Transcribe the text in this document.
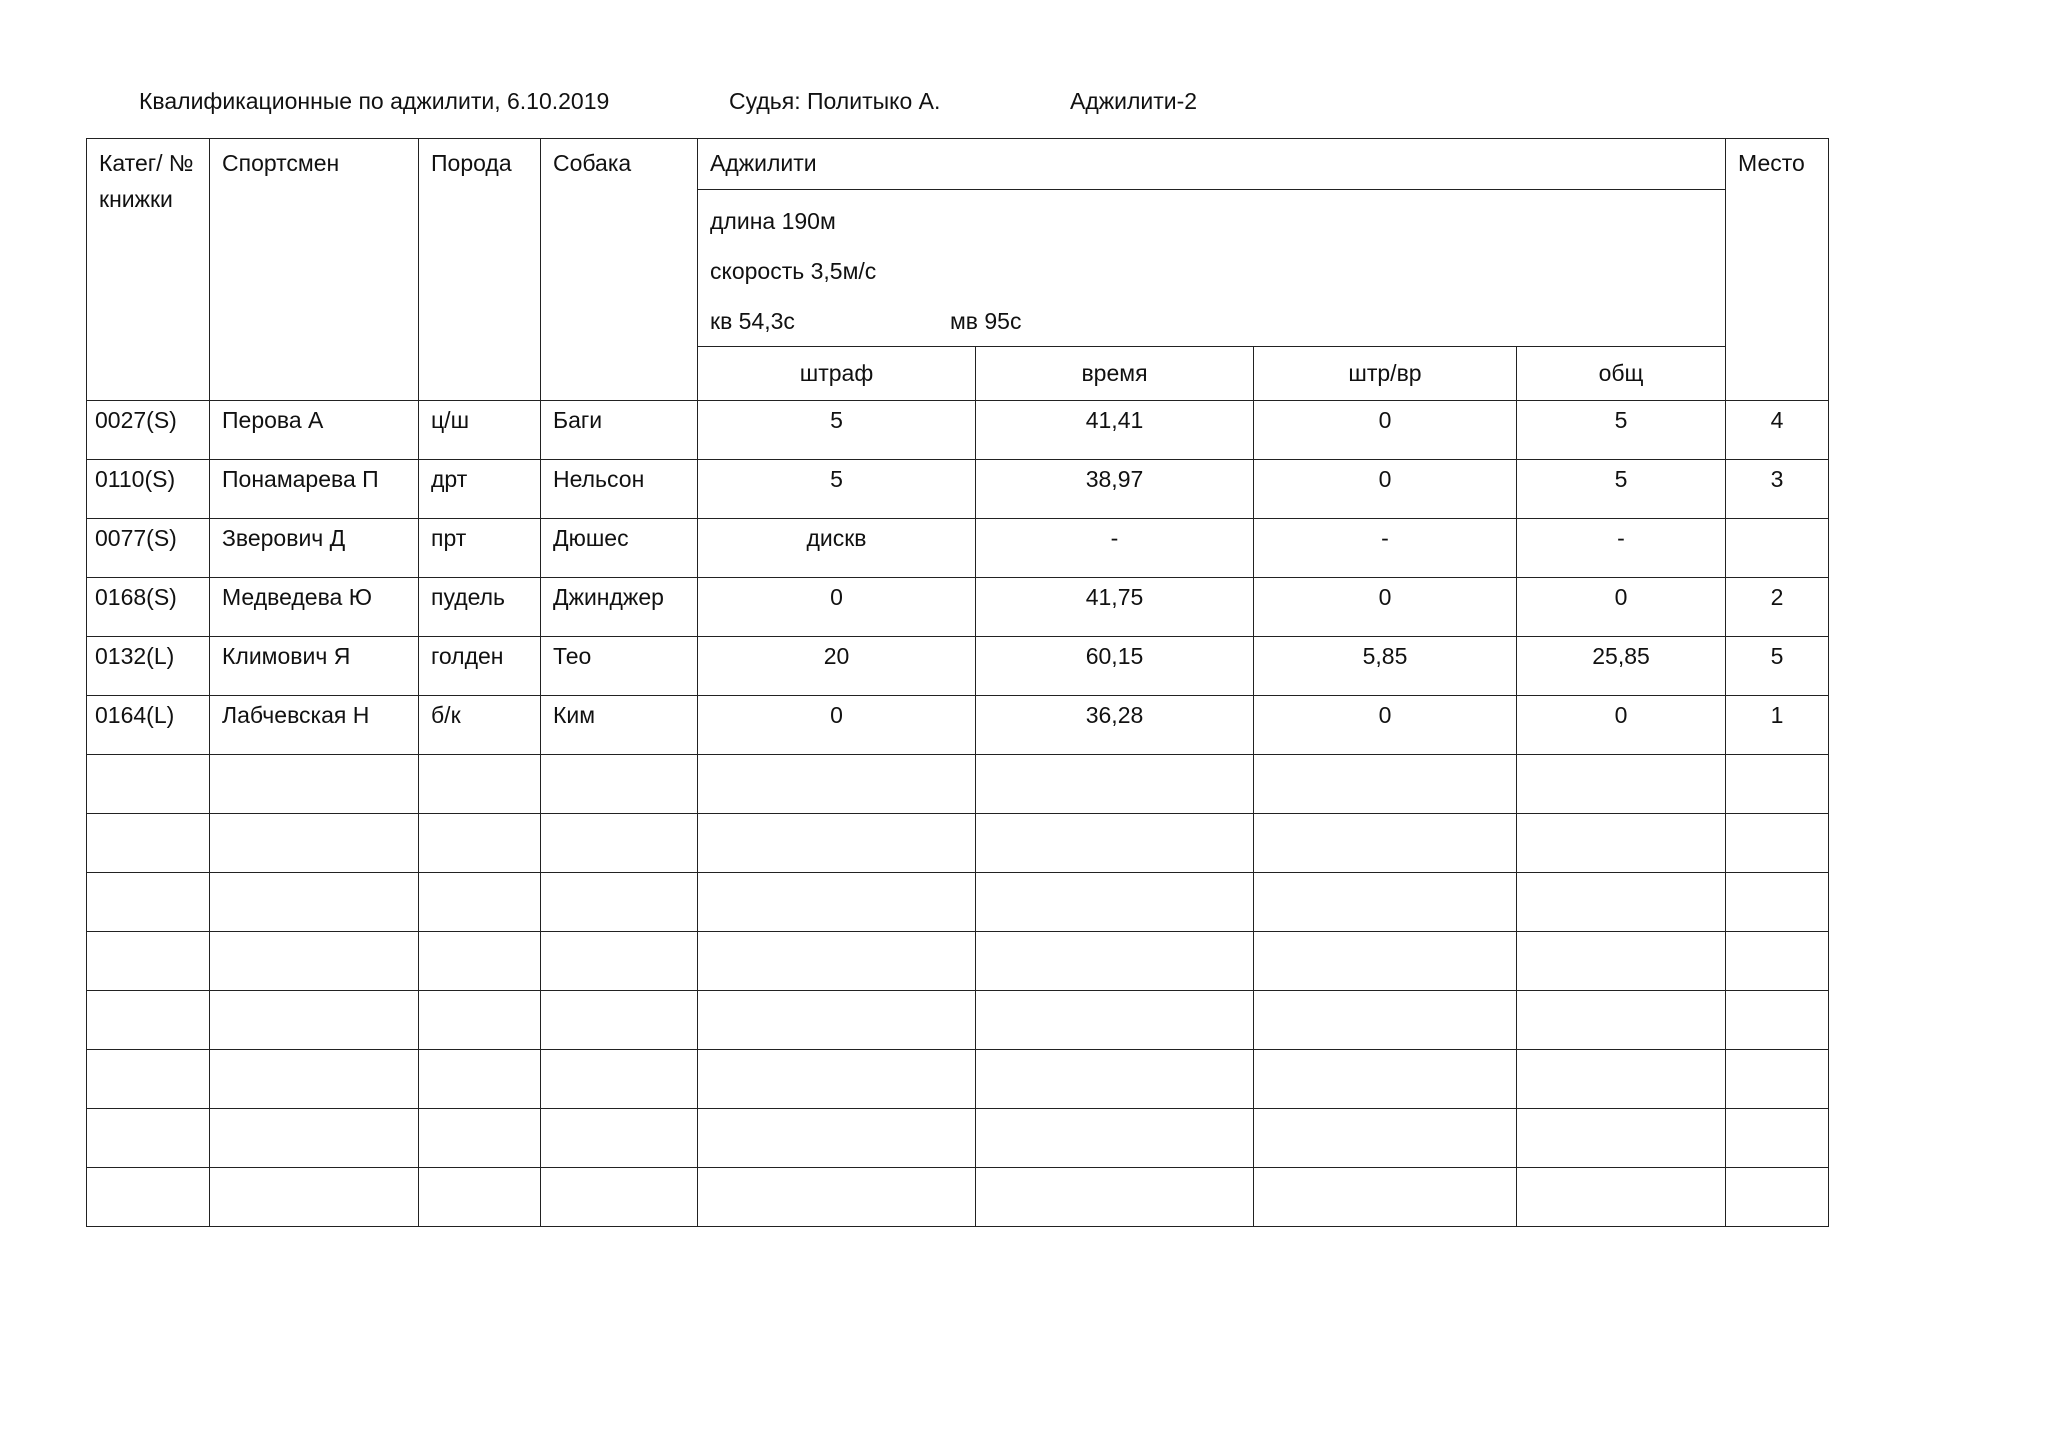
Квалификационные по аджилити, 6.10.2019	Судья: Политыко А.	Аджилити-2
Катег/ № книжки	Спортсмен	Порода	Собака	Аджилити				Место

				длина 190м
скорость 3,5м/с
кв 54,3с мв 95с				

				штраф	время	штр/вр	общ	
0027(S)	Перова А	ц/ш	Баги	5	41,41	0	5	4
0110(S)	Понамарева П	дрт	Нельсон	5	38,97	0	5	3
0077(S)	Зверович Д	прт	Дюшес	дискв	-	-	-	
0168(S)	Медведева Ю	пудель	Джинджер	0	41,75	0	0	2
0132(L)	Климович Я	голден	Тео	20	60,15	5,85	25,85	5
0164(L)	Лабчевская Н	б/к	Ким	0	36,28	0	0	1
